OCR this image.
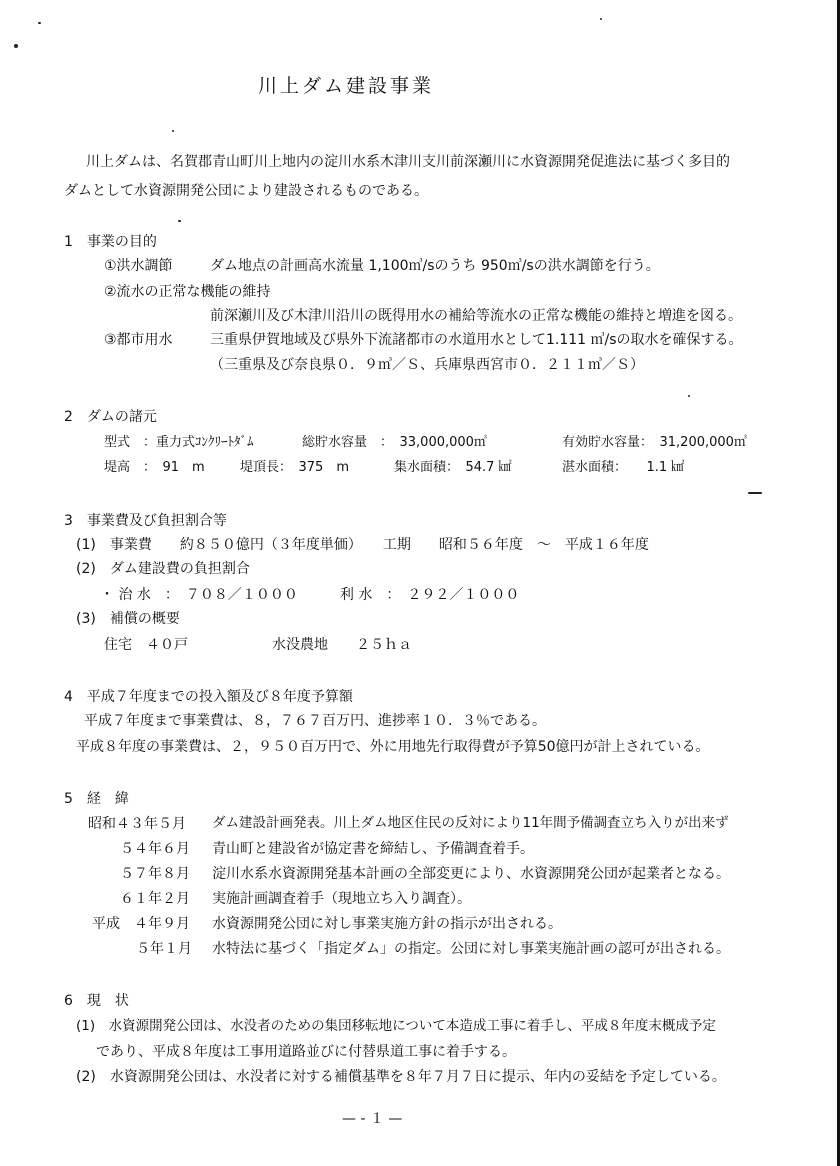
川上ダム建設事業
川上ダムは、名賀郡青山町川上地内の淀川水系木津川支川前深瀬川に水資源開発促進法に基づく多目的
ダムとして水資源開発公団により建設されるものである。
1　事業の目的
①洪水調節	ダム地点の計画高水流量 1,100㎥/sのうち 950㎥/sの洪水調節を行う。
②流水の正常な機能の維持
前深瀬川及び木津川沿川の既得用水の補給等流水の正常な機能の維持と増進を図る。
③都市用水	三重県伊賀地域及び県外下流諸都市の水道用水として1.111 ㎥/sの取水を確保する。
（三重県及び奈良県０．９㎥／Ｓ、兵庫県西宮市０．２１１㎥／Ｓ）
2　ダムの諸元
型式　：重力式ｺﾝｸﾘｰﾄﾀﾞﾑ	総貯水容量　：　33,000,000㎥	有効貯水容量：　31,200,000㎥
堤高　：　91　m	堤頂長：　375　m	集水面積：　54.7 ㎢	湛水面積：　　1.1 ㎢
3　事業費及び負担割合等
(1)　事業費　　約８５０億円（３年度単価）　　工期　　昭和５６年度　～　平成１６年度
(2)　ダム建設費の負担割合
・ 治 水　：　７０８／１０００　　　利 水　：　２９２／１０００
(3)　補償の概要
住宅　４０戸　　　　　　水没農地　　２５ｈａ
4　平成７年度までの投入額及び８年度予算額
平成７年度まで事業費は、８，７６７百万円、進捗率１０．３％である。
平成８年度の事業費は、２，９５０百万円で、外に用地先行取得費が予算50億円が計上されている。
5　経　緯
昭和４３年５月 ダム建設計画発表。川上ダム地区住民の反対により11年間予備調査立ち入りが出来ず
５４年６月 青山町と建設省が協定書を締結し、予備調査着手。
５７年８月 淀川水系水資源開発基本計画の全部変更により、水資源開発公団が起業者となる。
６１年２月 実施計画調査着手（現地立ち入り調査）。
平成　４年９月 水資源開発公団に対し事業実施方針の指示が出される。
５年１月 水特法に基づく「指定ダム」の指定。公団に対し事業実施計画の認可が出される。
6　現　状
(1)　水資源開発公団は、水没者のための集団移転地について本造成工事に着手し、平成８年度末概成予定
であり、平成８年度は工事用道路並びに付替県道工事に着手する。
(2)　水資源開発公団は、水没者に対する補償基準を８年７月７日に提示、年内の妥結を予定している。
— ‐ １ —
